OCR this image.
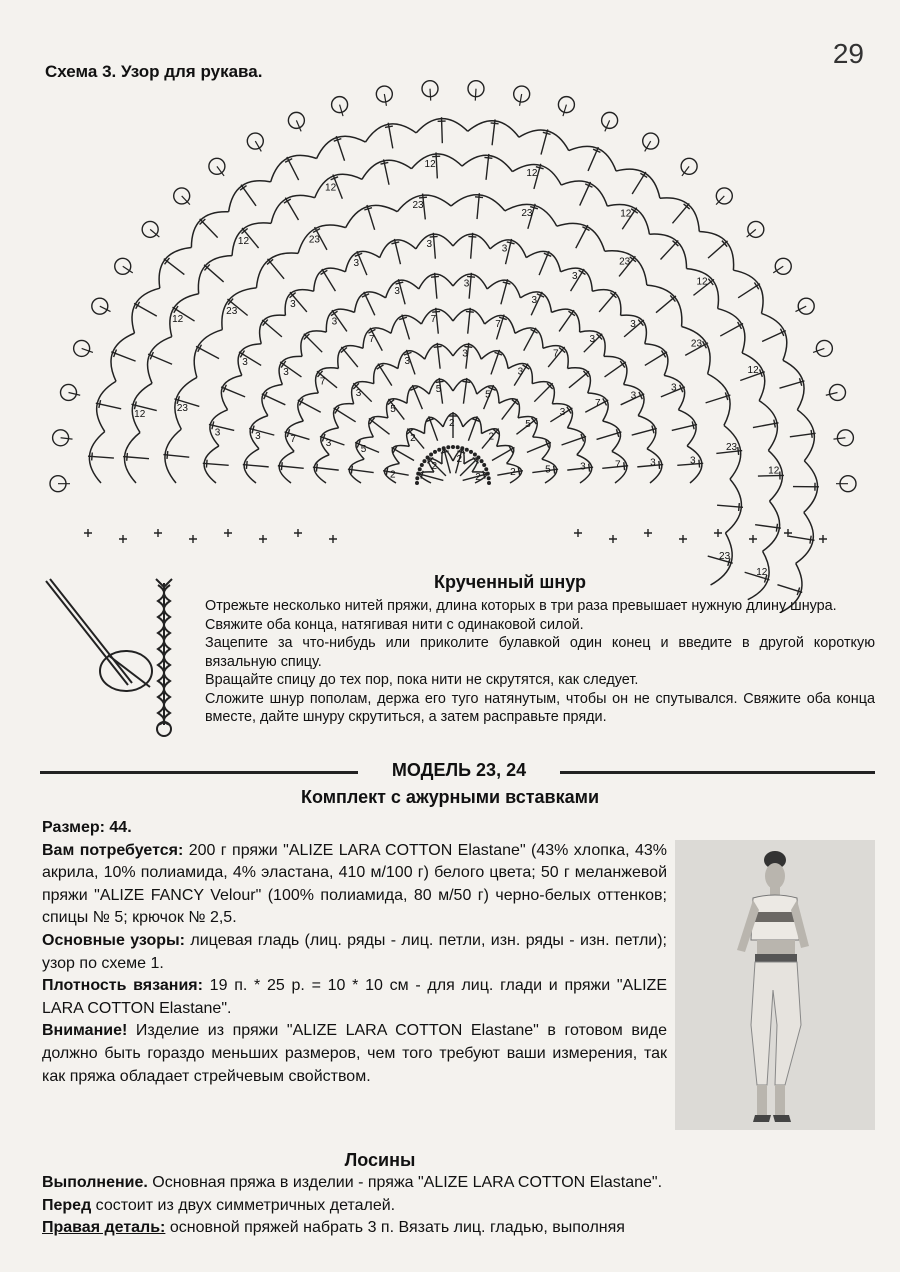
29
Схема 3. Узор для рукава.
2
2
2
2
2
2
2
2	5
5
5
5
5
5
3
3
3
3
3
3
3
7
7
7
7
7
7
7
7
3
3
3
3
3
3
3
3
3
3
3
3
3
3
3
3
3
3
3
23
23
23
23
23
23
23
23
23
12
12
12
12
12
12
12
12
12
12
12
Крученный шнур

Отрежьте несколько нитей пряжи, длина которых в три раза превышает нужную длину шнура.

Свяжите оба конца, натягивая нити с одинаковой силой.

Зацепите за что-нибудь или приколите булавкой один конец и введите в другой короткую вязальную спицу.

Вращайте спицу до тех пор, пока нити не скрутятся, как следует.

Сложите шнур пополам, держа его туго натянутым, чтобы он не спутывался. Свяжите оба конца вместе, дайте шнуру скрутиться, а затем расправьте пряди.

МОДЕЛЬ 23, 24
Комплект с ажурными вставками

Размер: 44.

Вам потребуется: 200 г пряжи "ALIZE LARA COTTON Elastane" (43% хлопка, 43% акрила, 10% полиамида, 4% эластана, 410 м/100 г) белого цвета; 50 г меланжевой пряжи "ALIZE FANCY Velour" (100% полиамида, 80 м/50 г) черно-белых оттенков; спицы № 5; крючок № 2,5.

Основные узоры: лицевая гладь (лиц. ряды - лиц. петли, изн. ряды - изн. петли); узор по схеме 1.

Плотность вязания: 19 п. * 25 р. = 10 * 10 см - для лиц. глади и пряжи "ALIZE LARA COTTON Elastane".

Внимание! Изделие из пряжи "ALIZE LARA COTTON Elastane" в готовом виде должно быть гораздо меньших размеров, чем того требуют ваши измерения, так как пряжа обладает стрейчевым свойством.

Лосины

Выполнение. Основная пряжа в изделии - пряжа "ALIZE LARA COTTON Elastane".

Перед состоит из двух симметричных деталей.

Правая деталь: основной пряжей набрать 3 п. Вязать лиц. гладью, выполняя
